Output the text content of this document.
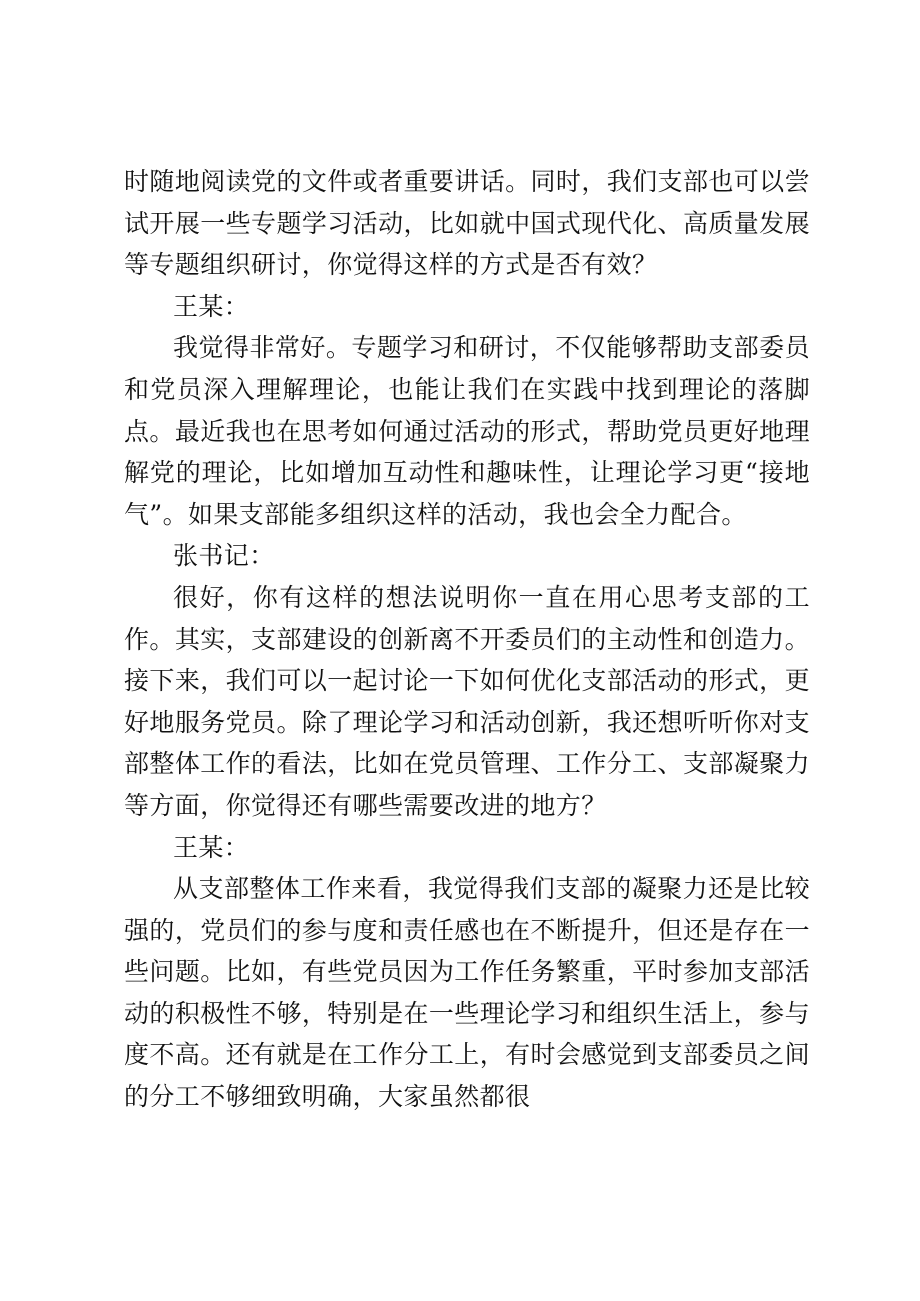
时随地阅读党的文件或者重要讲话。同时，我们支部也可以尝试开展一些专题学习活动，比如就中国式现代化、高质量发展等专题组织研讨，你觉得这样的方式是否有效？

王某：

我觉得非常好。专题学习和研讨，不仅能够帮助支部委员和党员深入理解理论，也能让我们在实践中找到理论的落脚点。最近我也在思考如何通过活动的形式，帮助党员更好地理解党的理论，比如增加互动性和趣味性，让理论学习更“接地气”。如果支部能多组织这样的活动，我也会全力配合。

张书记：

很好，你有这样的想法说明你一直在用心思考支部的工作。其实，支部建设的创新离不开委员们的主动性和创造力。接下来，我们可以一起讨论一下如何优化支部活动的形式，更好地服务党员。除了理论学习和活动创新，我还想听听你对支部整体工作的看法，比如在党员管理、工作分工、支部凝聚力等方面，你觉得还有哪些需要改进的地方？

王某：

从支部整体工作来看，我觉得我们支部的凝聚力还是比较强的，党员们的参与度和责任感也在不断提升，但还是存在一些问题。比如，有些党员因为工作任务繁重，平时参加支部活动的积极性不够，特别是在一些理论学习和组织生活上，参与度不高。还有就是在工作分工上，有时会感觉到支部委员之间的分工不够细致明确，大家虽然都很
